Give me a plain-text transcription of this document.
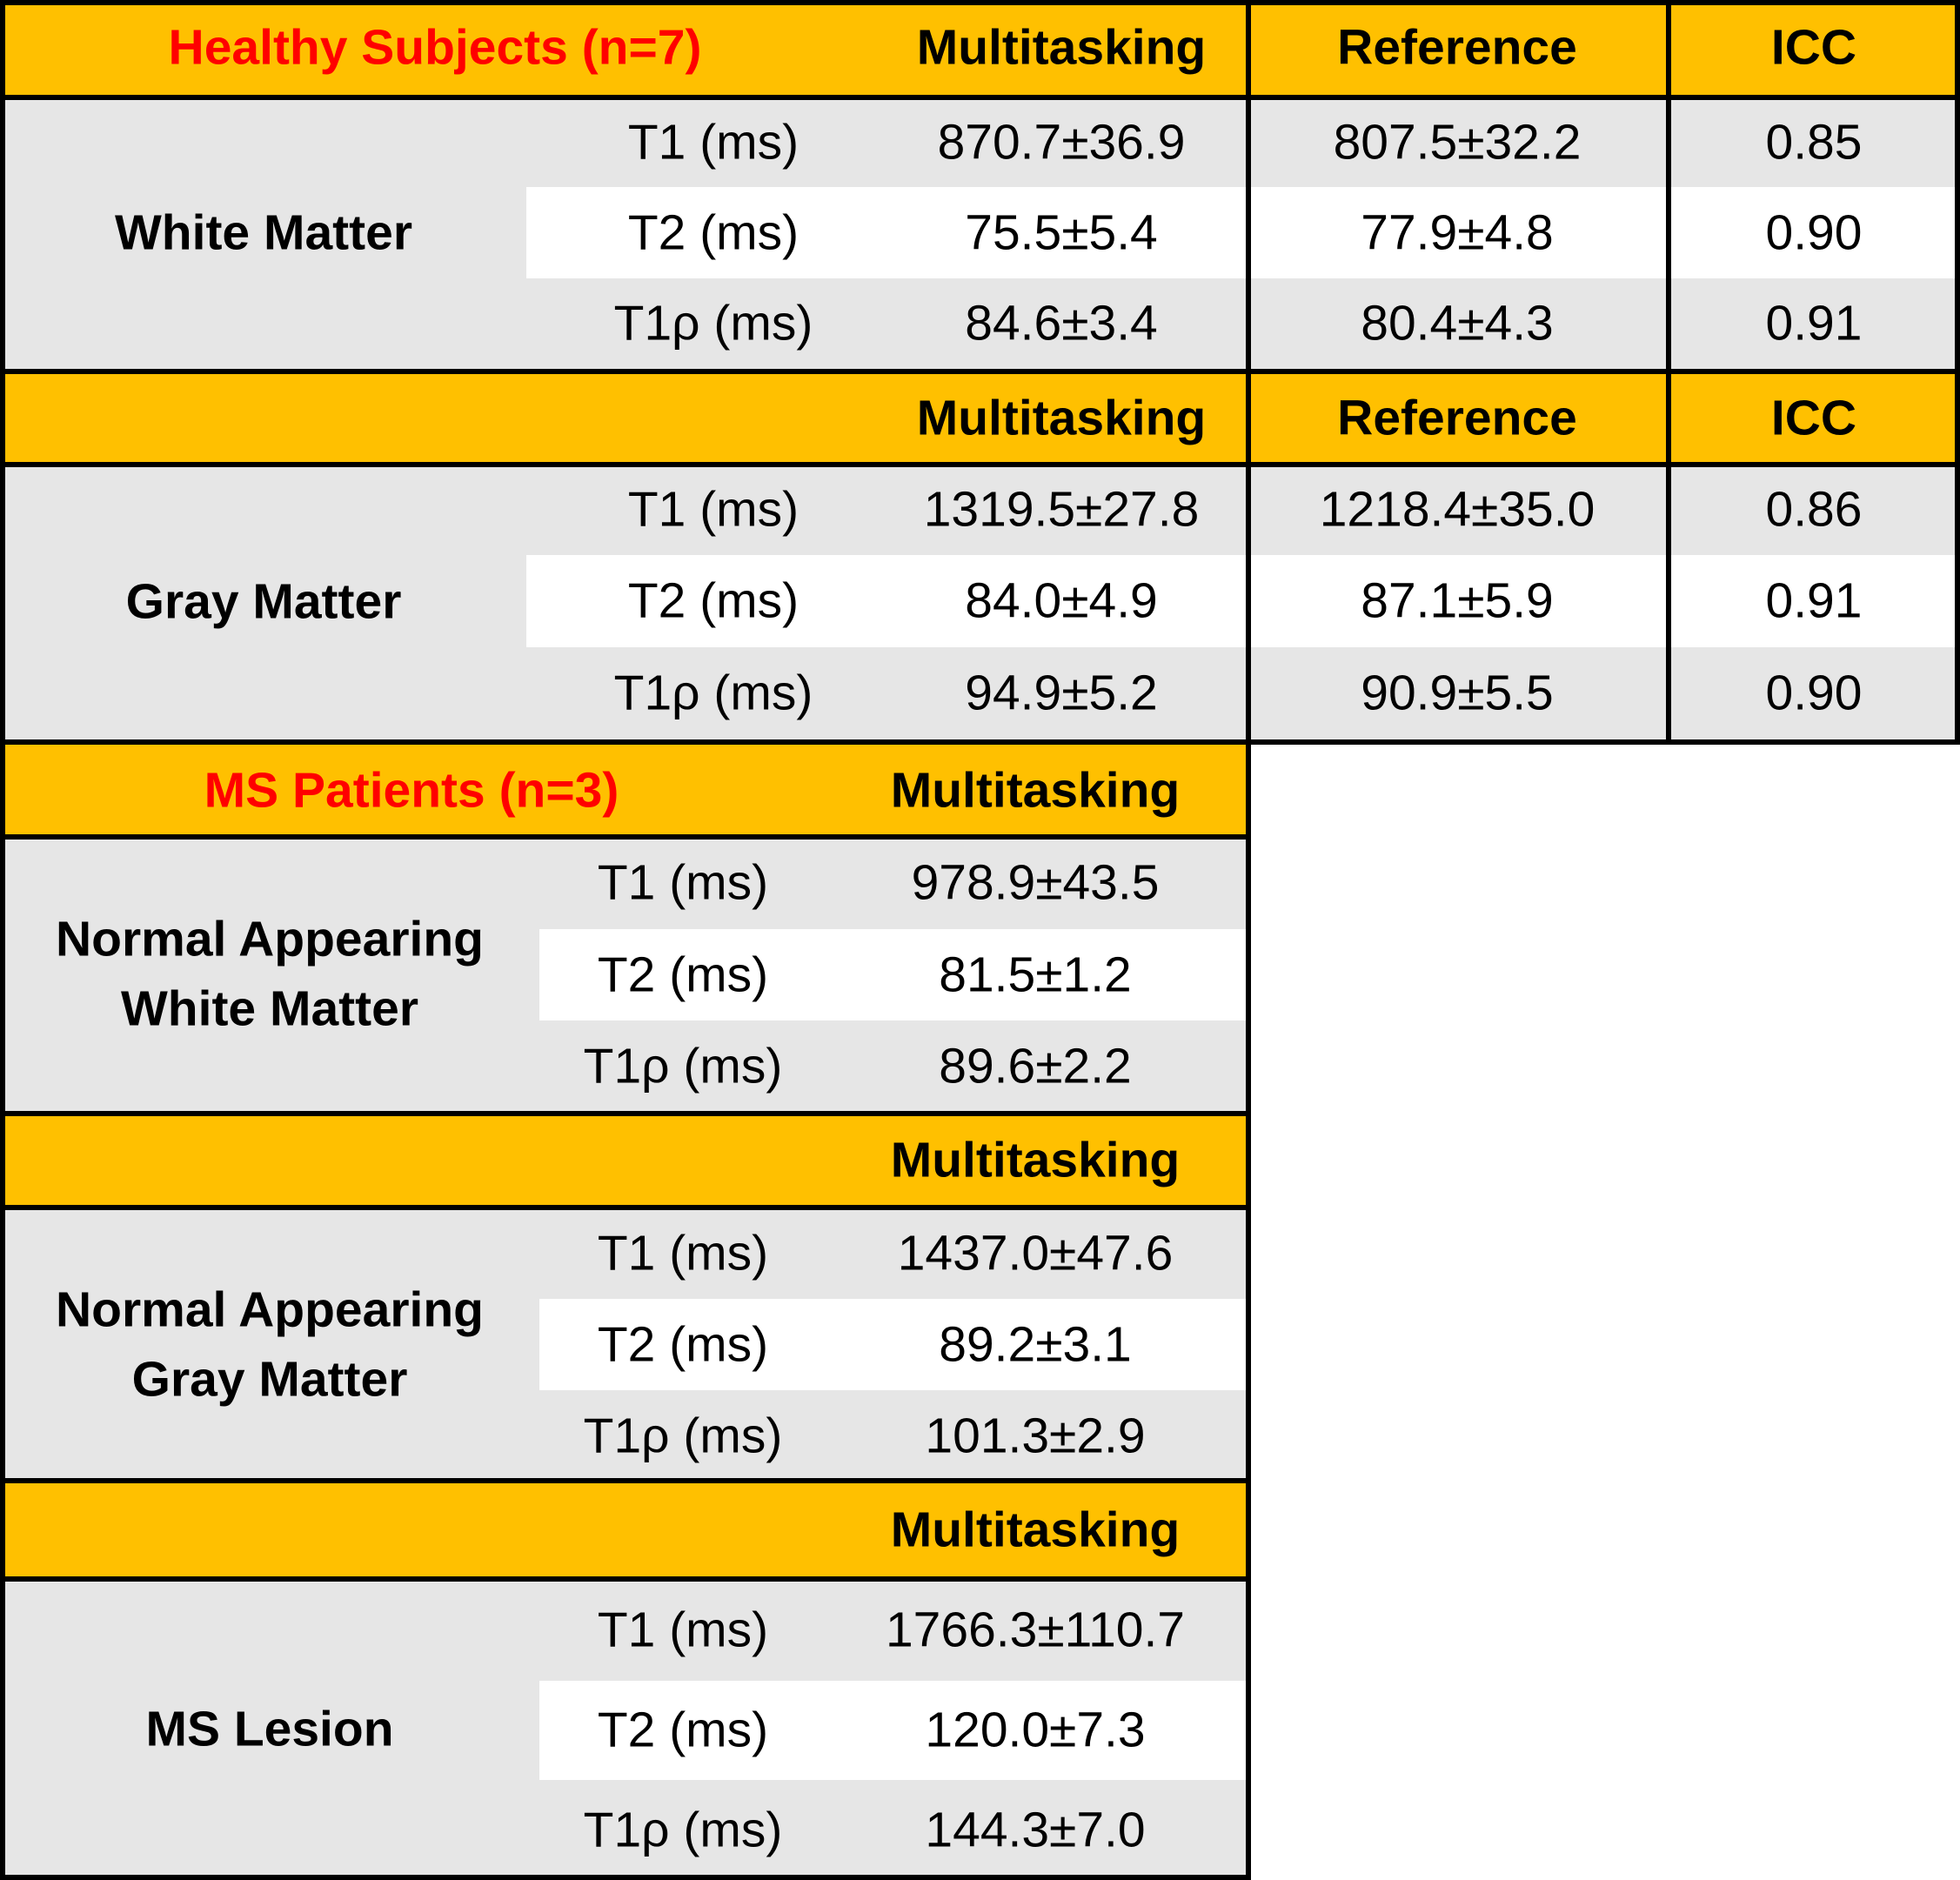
Healthy Subjects (n=7)	Multitasking	Reference	ICC
Multitasking	Reference	ICC
White Matter
T1 (ms)	870.7±36.9	807.5±32.2	0.85
T2 (ms)	75.5±5.4	77.9±4.8	0.90
T1ρ (ms)	84.6±3.4	80.4±4.3	0.91
Gray Matter
T1 (ms)	1319.5±27.8 1218.4±35.0	0.86
T2 (ms)	84.0±4.9	87.1±5.9	0.91
T1ρ (ms)	94.9±5.2	90.9±5.5	0.90
MS Patients (n=3)	Multitasking
Multitasking
Multitasking
Normal Appearing
White Matter
T1 (ms)	978.9±43.5
T2 (ms)	81.5±1.2
T1ρ (ms)	89.6±2.2
Normal Appearing
Gray Matter
T1 (ms)	1437.0±47.6
T2 (ms)	89.2±3.1
T1ρ (ms)	101.3±2.9
MS Lesion
T1 (ms) 1766.3±110.7
T2 (ms)	120.0±7.3
T1ρ (ms)	144.3±7.0
